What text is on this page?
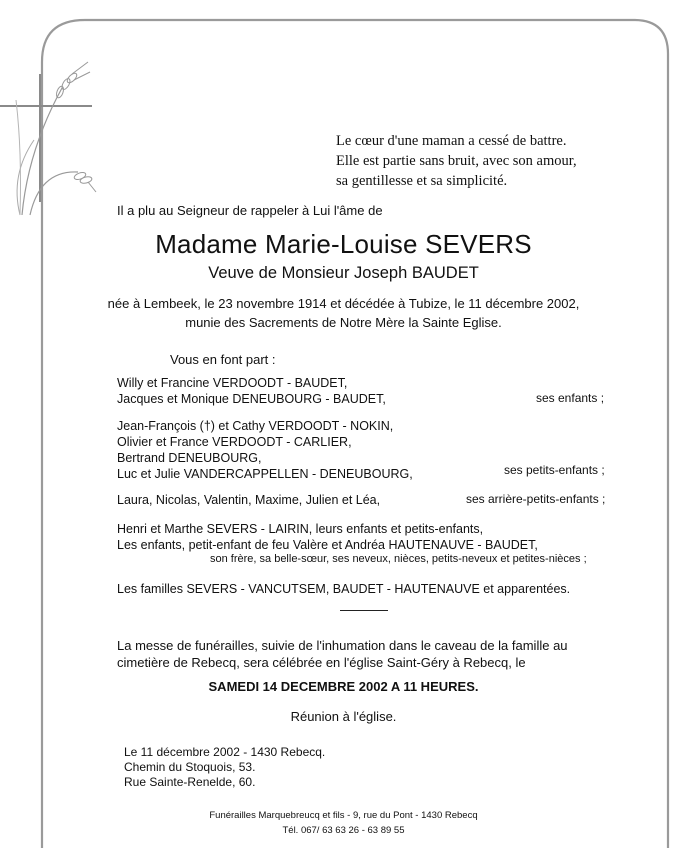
Le cœur d'une maman a cessé de battre.
Elle est partie sans bruit, avec son amour,
sa gentillesse et sa simplicité.
Il a plu au Seigneur de rappeler à Lui l'âme de
Madame Marie-Louise SEVERS
Veuve de Monsieur Joseph BAUDET
née à Lembeek, le 23 novembre 1914 et décédée à Tubize, le 11 décembre 2002,
munie des Sacrements de Notre Mère la Sainte Eglise.
Vous en font part :
Willy et Francine VERDOODT - BAUDET,
Jacques et Monique DENEUBOURG - BAUDET,	ses enfants ;
Jean-François (†) et Cathy VERDOODT - NOKIN,
Olivier et France VERDOODT - CARLIER,
Bertrand DENEUBOURG,
Luc et Julie VANDERCAPPELLEN - DENEUBOURG,	ses petits-enfants ;
Laura, Nicolas, Valentin, Maxime, Julien et Léa,	ses arrière-petits-enfants ;
Henri et Marthe SEVERS - LAIRIN, leurs enfants et petits-enfants,
Les enfants, petit-enfant de feu Valère et Andréa HAUTENAUVE - BAUDET,
son frère, sa belle-sœur, ses neveux, nièces, petits-neveux et petites-nièces ;
Les familles SEVERS - VANCUTSEM, BAUDET - HAUTENAUVE et apparentées.
La messe de funérailles, suivie de l'inhumation dans le caveau de la famille au
cimetière de Rebecq, sera célébrée en l'église Saint-Géry à Rebecq, le
SAMEDI 14 DECEMBRE 2002 A 11 HEURES.
Réunion à l'église.
Le 11 décembre 2002 - 1430 Rebecq.
Chemin du Stoquois, 53.
Rue Sainte-Renelde, 60.
Funérailles Marquebreucq et fils - 9, rue du Pont - 1430 Rebecq
Tél. 067/ 63 63 26 - 63 89 55
